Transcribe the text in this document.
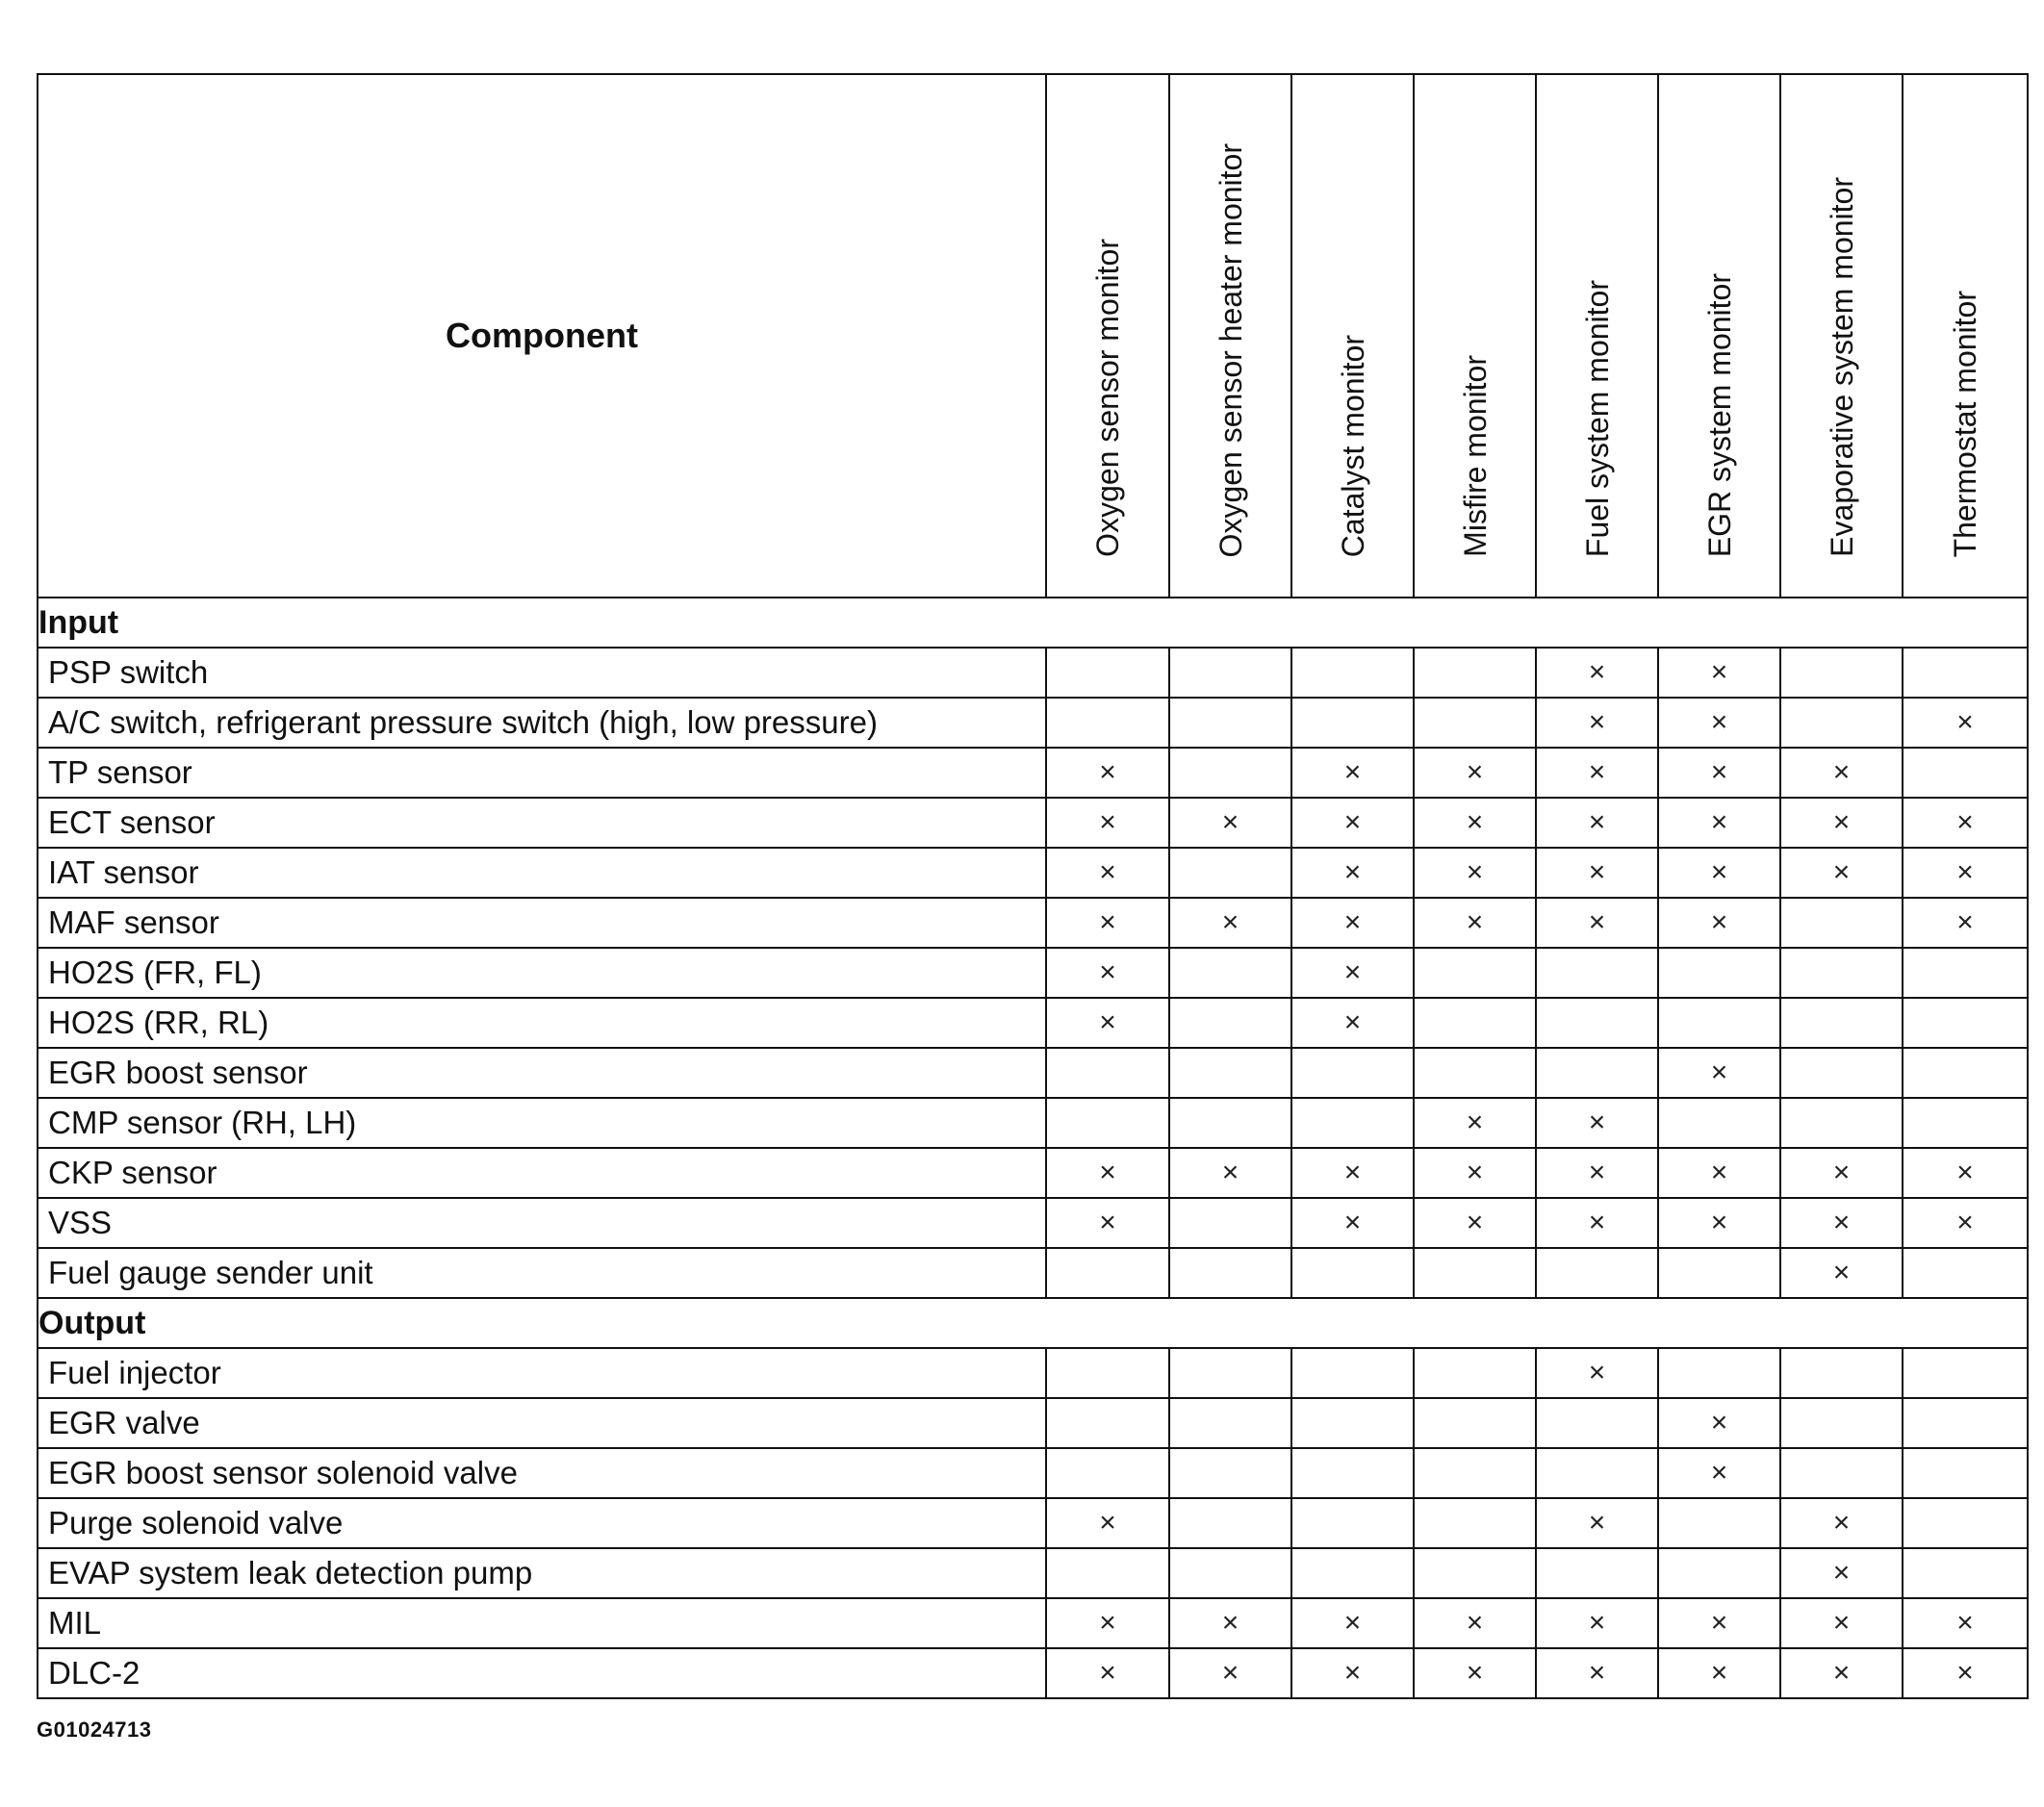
Component	Oxygen sensor monitor	Oxygen sensor heater monitor	Catalyst monitor	Misfire monitor	Fuel system monitor	EGR system monitor	Evaporative system monitor	Thermostat monitor
Input								
PSP switch					×	×		
A/C switch, refrigerant pressure switch (high, low pressure)					×	×		×
TP sensor	×		×	×	×	×	×	
ECT sensor	×	×	×	×	×	×	×	×
IAT sensor	×		×	×	×	×	×	×
MAF sensor	×	×	×	×	×	×		×
HO2S (FR, FL)	×		×					
HO2S (RR, RL)	×		×					
EGR boost sensor						×		
CMP sensor (RH, LH)				×	×			
CKP sensor	×	×	×	×	×	×	×	×
VSS	×		×	×	×	×	×	×
Fuel gauge sender unit							×	
Output								
Fuel injector					×			
EGR valve						×		
EGR boost sensor solenoid valve						×		
Purge solenoid valve	×				×		×	
EVAP system leak detection pump							×	
MIL	×	×	×	×	×	×	×	×
DLC-2	×	×	×	×	×	×	×	×
G01024713
